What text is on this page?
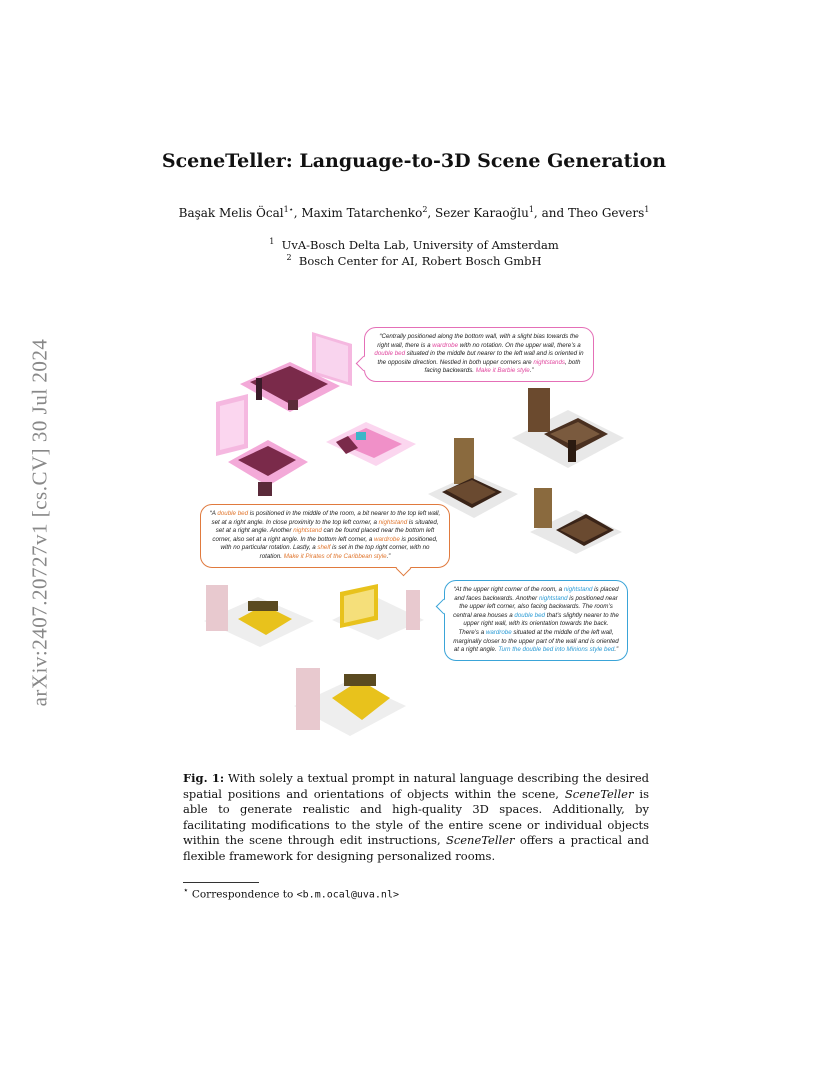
arXiv:2407.20727v1 [cs.CV] 30 Jul 2024
SceneTeller: Language-to-3D Scene Generation
Başak Melis Öcal$^{1⋆}$, Maxim Tatarchenko$^2$, Sezer Karaoğlu$^1$, and Theo Gevers$^1$
$^1$ UvA-Bosch Delta Lab, University of Amsterdam
$^2$ Bosch Center for AI, Robert Bosch GmbH
“Centrally positioned along the bottom wall, with a slight bias towards the right wall, there is a wardrobe with no rotation. On the upper wall, there’s a double bed situated in the middle but nearer to the left wall and is oriented in the opposite direction. Nestled in both upper corners are nightstands, both facing backwards. Make it Barbie style.”
“A double bed is positioned in the middle of the room, a bit nearer to the top left wall, set at a right angle. In close proximity to the top left corner, a nightstand is situated, set at a right angle. Another nightstand can be found placed near the bottom left corner, also set at a right angle. In the bottom left corner, a wardrobe is positioned, with no particular rotation. Lastly, a shelf is set in the top right corner, with no rotation. Make it Pirates of the Caribbean style.”
“At the upper right corner of the room, a nightstand is placed and faces backwards. Another nightstand is positioned near the upper left corner, also facing backwards. The room’s central area houses a double bed that’s slightly nearer to the upper right wall, with its orientation towards the back. There’s a wardrobe situated at the middle of the left wall, marginally closer to the upper part of the wall and is oriented at a right angle. Turn the double bed into Minions style bed.”
Fig. 1: With solely a textual prompt in natural language describing the desired spatial positions and orientations of objects within the scene, SceneTeller is able to generate realistic and high-quality 3D spaces. Additionally, by facilitating modifications to the style of the entire scene or individual objects within the scene through edit instructions, SceneTeller offers a practical and flexible framework for designing personalized rooms.
⋆ Correspondence to <b.m.ocal@uva.nl>
